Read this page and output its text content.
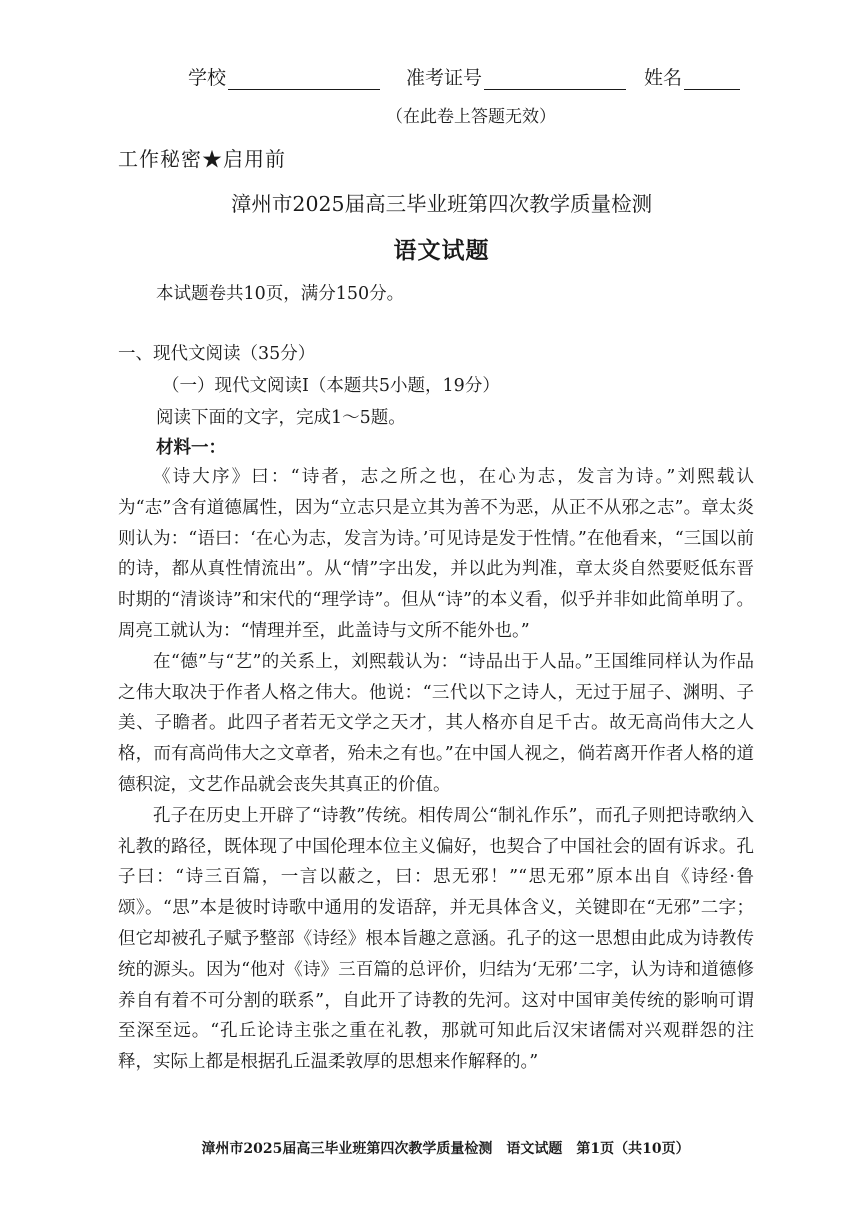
学校	准考证号	姓名
（在此卷上答题无效）
工作秘密★启用前
漳州市2025届高三毕业班第四次教学质量检测
语文试题
本试题卷共10页，满分150分。
一、现代文阅读（35分）
（一）现代文阅读Ⅰ（本题共5小题，19分）
阅读下面的文字，完成1～5题。
材料一：

《诗大序》曰：“诗者，志之所之也，在心为志，发言为诗。”刘熙载认为“志”含有道德属性，因为“立志只是立其为善不为恶，从正不从邪之志”。章太炎则认为：“语曰：‘在心为志，发言为诗。’可见诗是发于性情。”在他看来，“三国以前的诗，都从真性情流出”。从“情”字出发，并以此为判准，章太炎自然要贬低东晋时期的“清谈诗”和宋代的“理学诗”。但从“诗”的本义看，似乎并非如此简单明了。周亮工就认为：“情理并至，此盖诗与文所不能外也。”

在“德”与“艺”的关系上，刘熙载认为：“诗品出于人品。”王国维同样认为作品之伟大取决于作者人格之伟大。他说：“三代以下之诗人，无过于屈子、渊明、子美、子瞻者。此四子者若无文学之天才，其人格亦自足千古。故无高尚伟大之人格，而有高尚伟大之文章者，殆未之有也。”在中国人视之，倘若离开作者人格的道德积淀，文艺作品就会丧失其真正的价值。

孔子在历史上开辟了“诗教”传统。相传周公“制礼作乐”，而孔子则把诗歌纳入礼教的路径，既体现了中国伦理本位主义偏好，也契合了中国社会的固有诉求。孔子曰：“诗三百篇，一言以蔽之，曰：思无邪！”“思无邪”原本出自《诗经·鲁颂》。“思”本是彼时诗歌中通用的发语辞，并无具体含义，关键即在“无邪”二字；但它却被孔子赋予整部《诗经》根本旨趣之意涵。孔子的这一思想由此成为诗教传统的源头。因为“他对《诗》三百篇的总评价，归结为‘无邪’二字，认为诗和道德修养自有着不可分割的联系”，自此开了诗教的先河。这对中国审美传统的影响可谓至深至远。“孔丘论诗主张之重在礼教，那就可知此后汉宋诸儒对兴观群怨的注释，实际上都是根据孔丘温柔敦厚的思想来作解释的。”

漳州市2025届高三毕业班第四次教学质量检测　语文试题　第1页（共10页）
